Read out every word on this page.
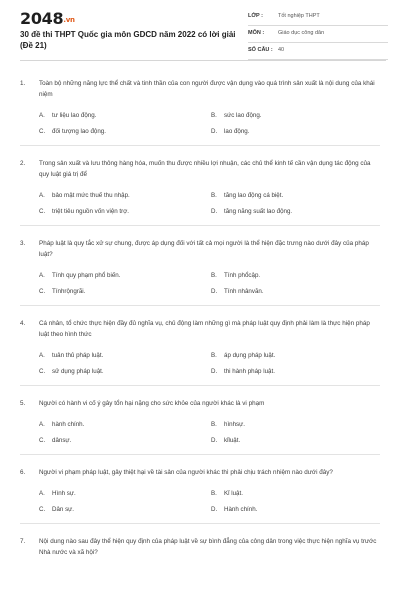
2048.vn
30 đề thi THPT Quốc gia môn GDCD năm 2022 có lời giải (Đề 21)
LỚP :	Tốt nghiệp THPT
MÔN :	Giáo dục công dân
SỐ CÂU : 40
1. Toàn bộ những năng lực thể chất và tinh thần của con người được vận dụng vào quá trình sản xuất là nội dung của khái niệm
A.	tư liệu lao động.	B.	sức lao động.
C.	đối tượng lao động.	D.	lao động.
2. Trong sản xuất và lưu thông hàng hóa, muốn thu được nhiều lợi nhuận, các chủ thể kinh tế cần vận dụng tác động của quy luật giá trị để
A.	bảo mật mức thuế thu nhập.	B.	tăng lao động cá biệt.
C.	triệt tiêu nguồn vốn viện trợ.	D.	tăng năng suất lao động.
3. Pháp luật là quy tắc xử sự chung, được áp dụng đối với tất cả mọi người là thể hiện đặc trưng nào dưới đây của pháp luật?
A.	Tính quy phạm phổ biến.	B.	Tính phổcập.
C.	Tínhrộngrãi.	D.	Tính nhânvăn.
4. Cá nhân, tổ chức thực hiện đầy đủ nghĩa vụ, chủ động làm những gì mà pháp luật quy định phải làm là thực hiện pháp luật theo hình thức
A.	tuân thủ pháp luật.	B.	áp dụng pháp luật.
C.	sử dụng pháp luật.	D.	thi hành pháp luật.
5. Người có hành vi cố ý gây tổn hại nặng cho sức khỏe của người khác là vi phạm
A.	hành chính.	B.	hìnhsự.
C.	dânsự.	D.	kỉluật.
6. Người vi phạm pháp luật, gây thiệt hại về tài sản của người khác thì phải chịu trách nhiệm nào dưới đây?
A.	Hình sự.	B.	Kỉ luật.
C.	Dân sự.	D.	Hành chính.
7. Nội dung nào sau đây thể hiện quy định của pháp luật về sự bình đẳng của công dân trong việc thực hiện nghĩa vụ trước Nhà nước và xã hội?
